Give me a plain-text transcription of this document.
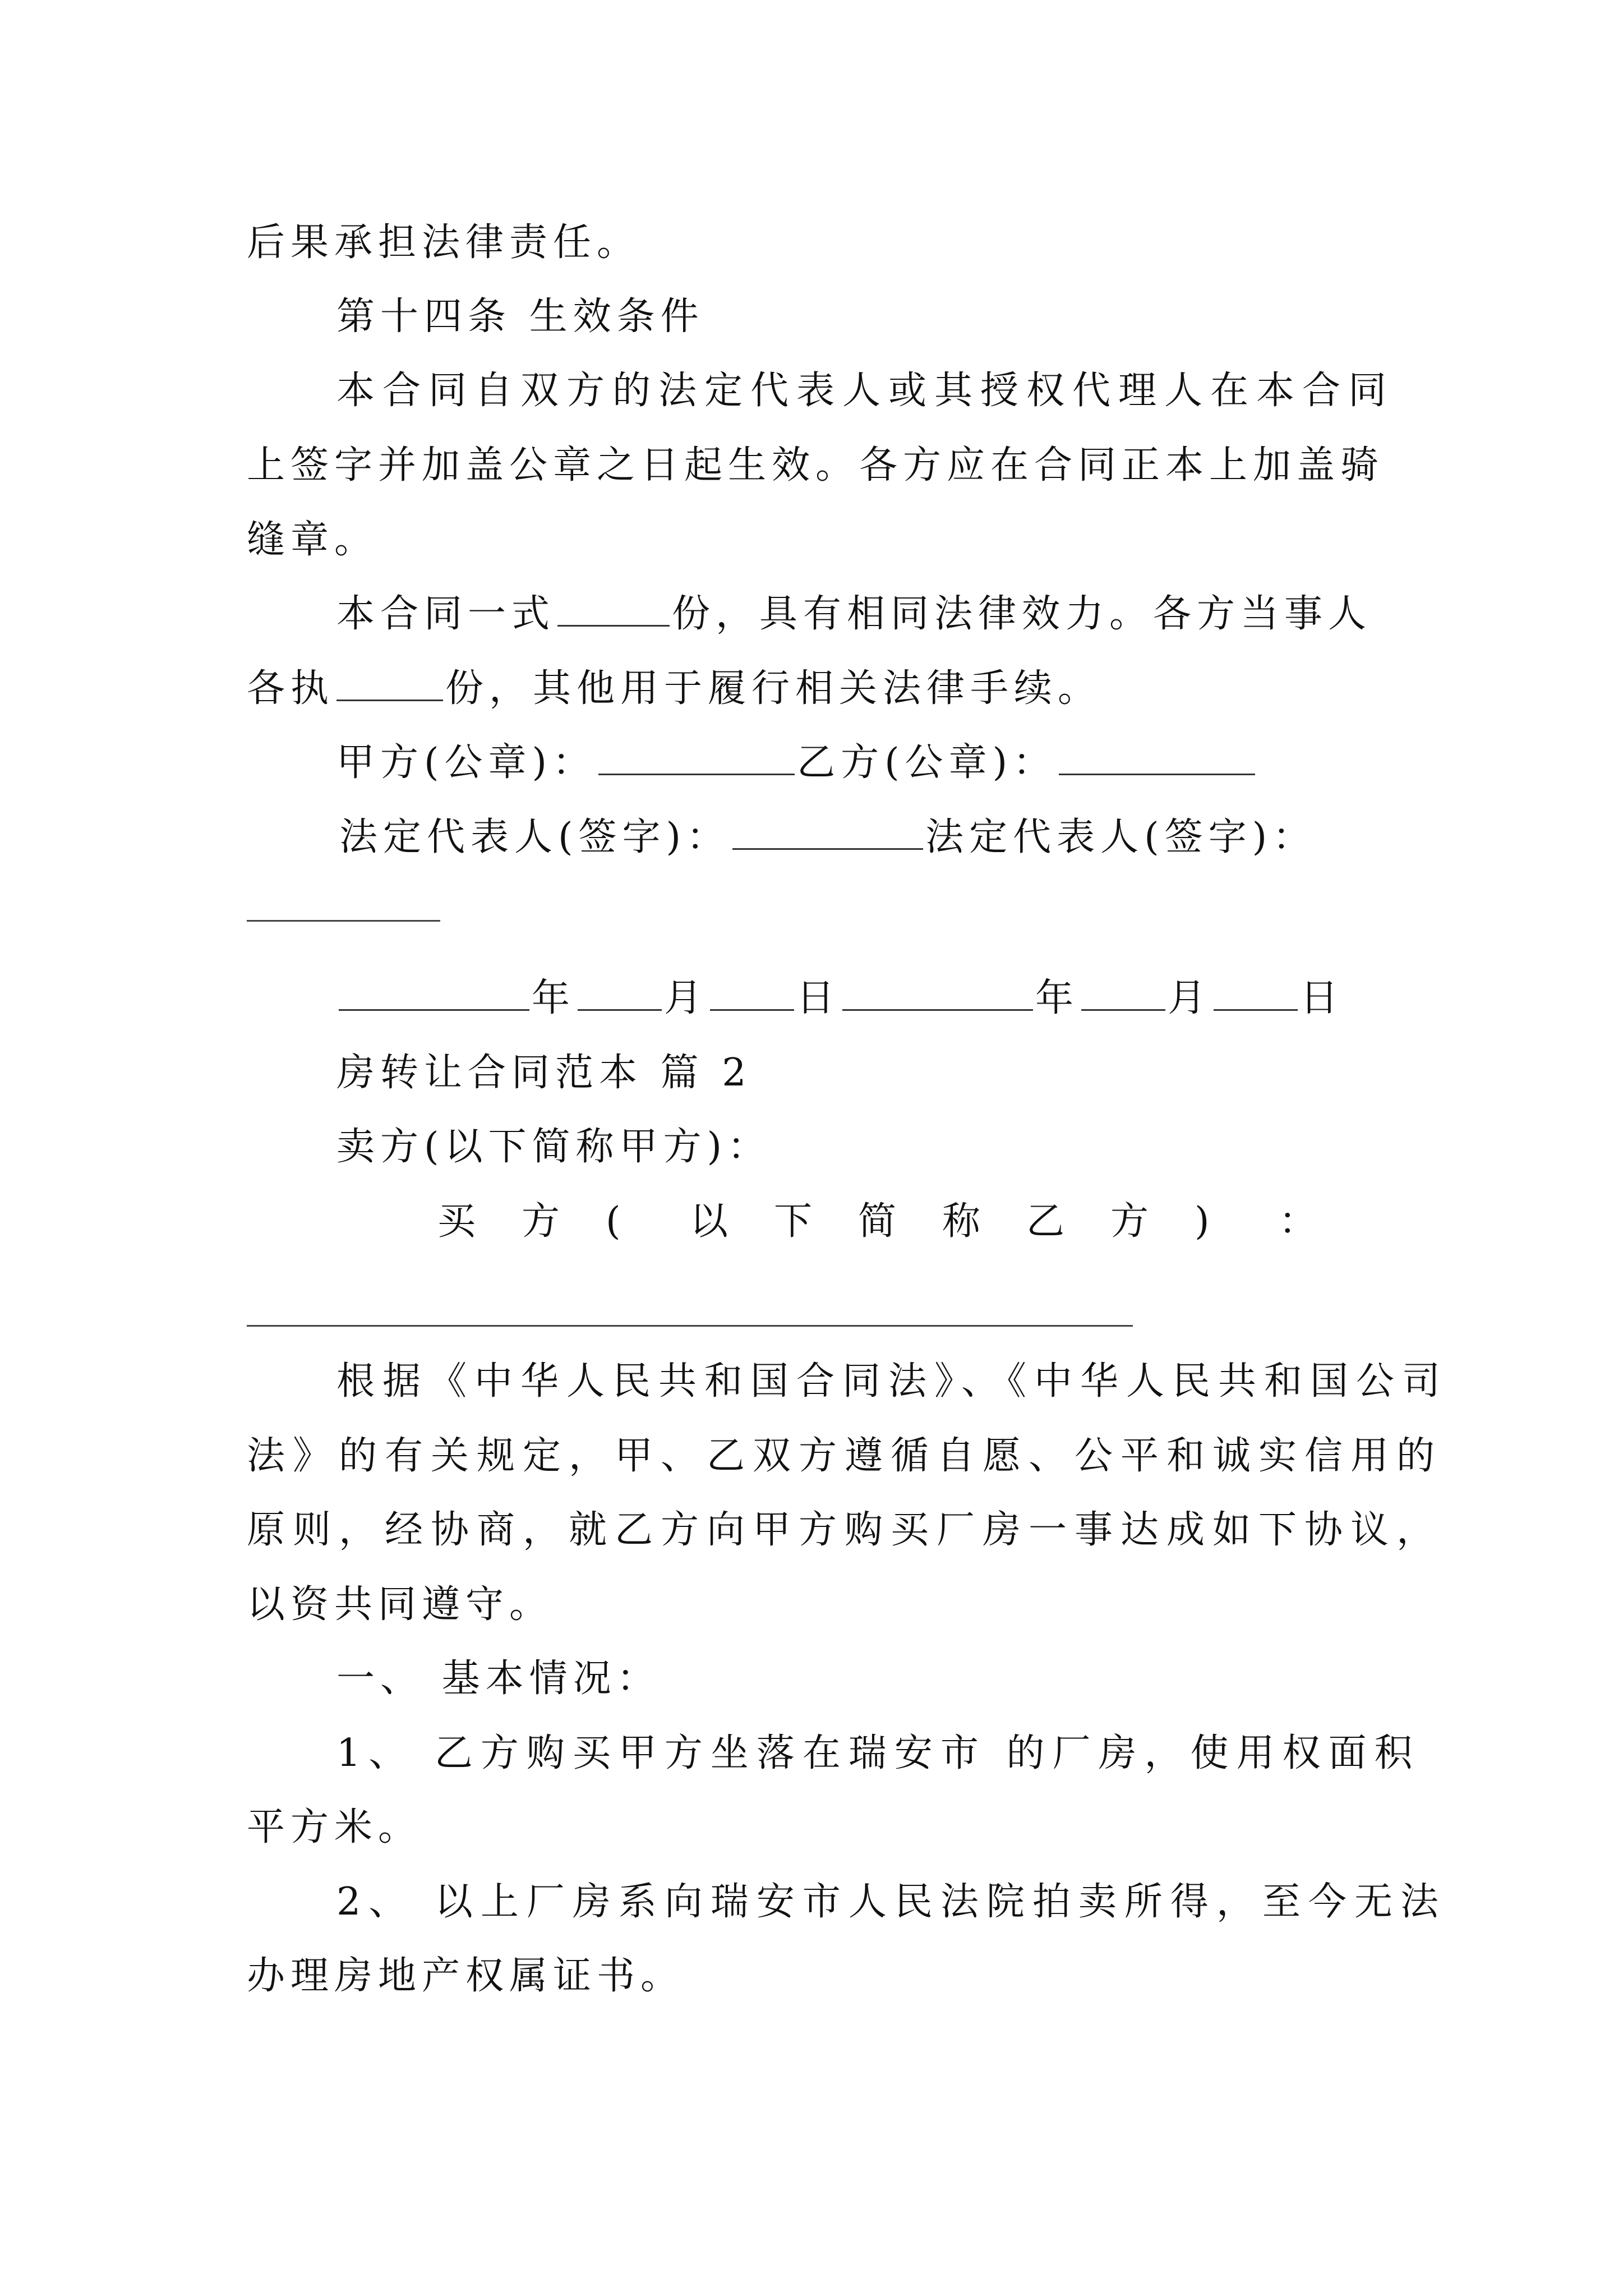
后果承担法律责任。
第十四条 生效条件
本合同自双方的法定代表人或其授权代理人在本合同
上签字并加盖公章之日起生效。各方应在合同正本上加盖骑
缝章。
本合同一式	份，具有相同法律效力。各方当事人
各执	份，其他用于履行相关法律手续。
甲方(公章)：	乙方(公章)：
法定代表人(签字)：	法定代表人(签字)：
年 月 日	年 月 日
房转让合同范本 篇 2
卖方(以下简称甲方)：
买 方 ( 以 下 简 称 乙 方 ) ：
根据《中华人民共和国合同法》、《中华人民共和国公司
法》的有关规定，甲、乙双方遵循自愿、公平和诚实信用的
原则，经协商，就乙方向甲方购买厂房一事达成如下协议，
以资共同遵守。
一、 基本情况：
1、 乙方购买甲方坐落在瑞安市 的厂房，使用权面积
平方米。
2、 以上厂房系向瑞安市人民法院拍卖所得，至今无法
办理房地产权属证书。
